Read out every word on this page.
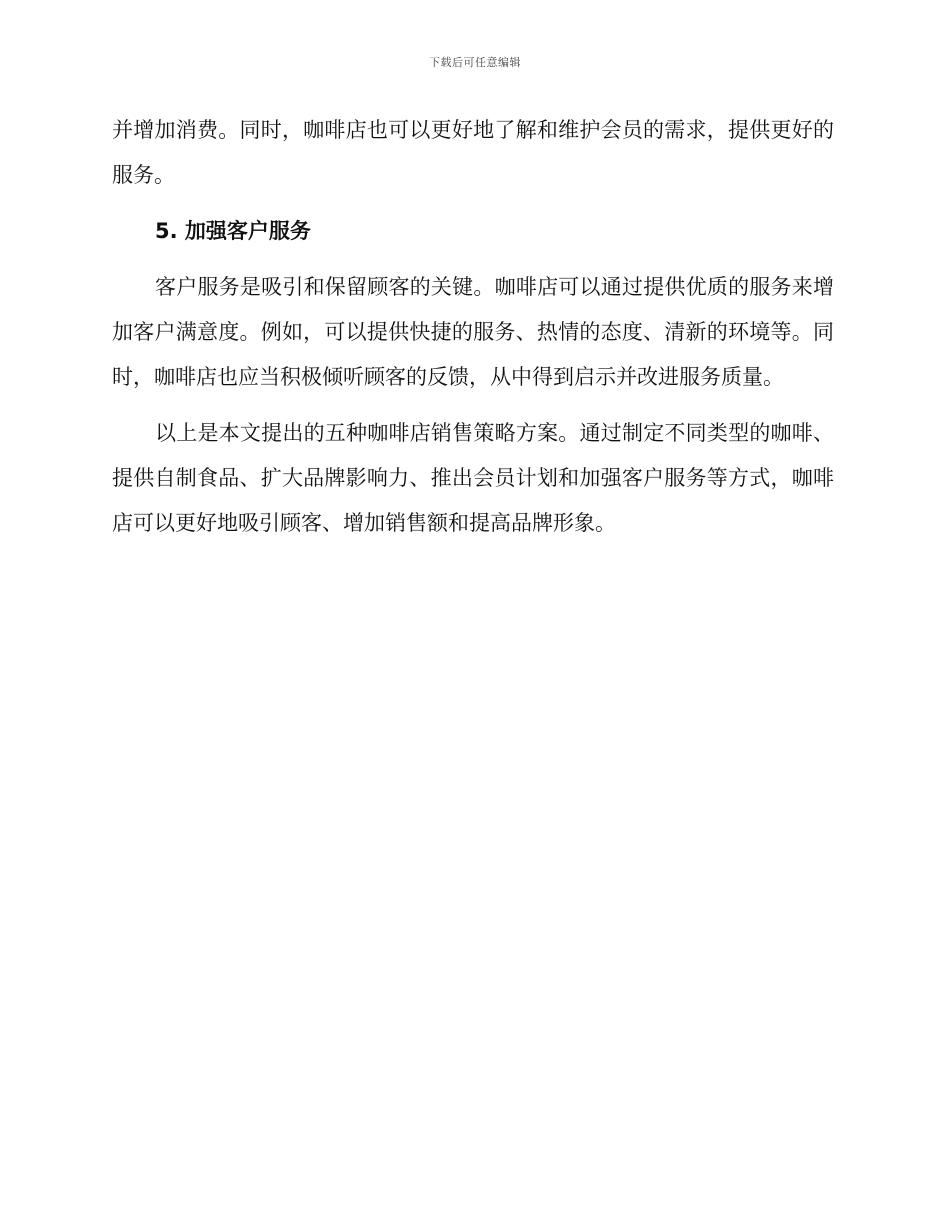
下载后可任意编辑

并增加消费。同时，咖啡店也可以更好地了解和维护会员的需求，提供更好的服务。

5. 加强客户服务

客户服务是吸引和保留顾客的关键。咖啡店可以通过提供优质的服务来增加客户满意度。例如，可以提供快捷的服务、热情的态度、清新的环境等。同时，咖啡店也应当积极倾听顾客的反馈，从中得到启示并改进服务质量。

以上是本文提出的五种咖啡店销售策略方案。通过制定不同类型的咖啡、提供自制食品、扩大品牌影响力、推出会员计划和加强客户服务等方式，咖啡店可以更好地吸引顾客、增加销售额和提高品牌形象。
